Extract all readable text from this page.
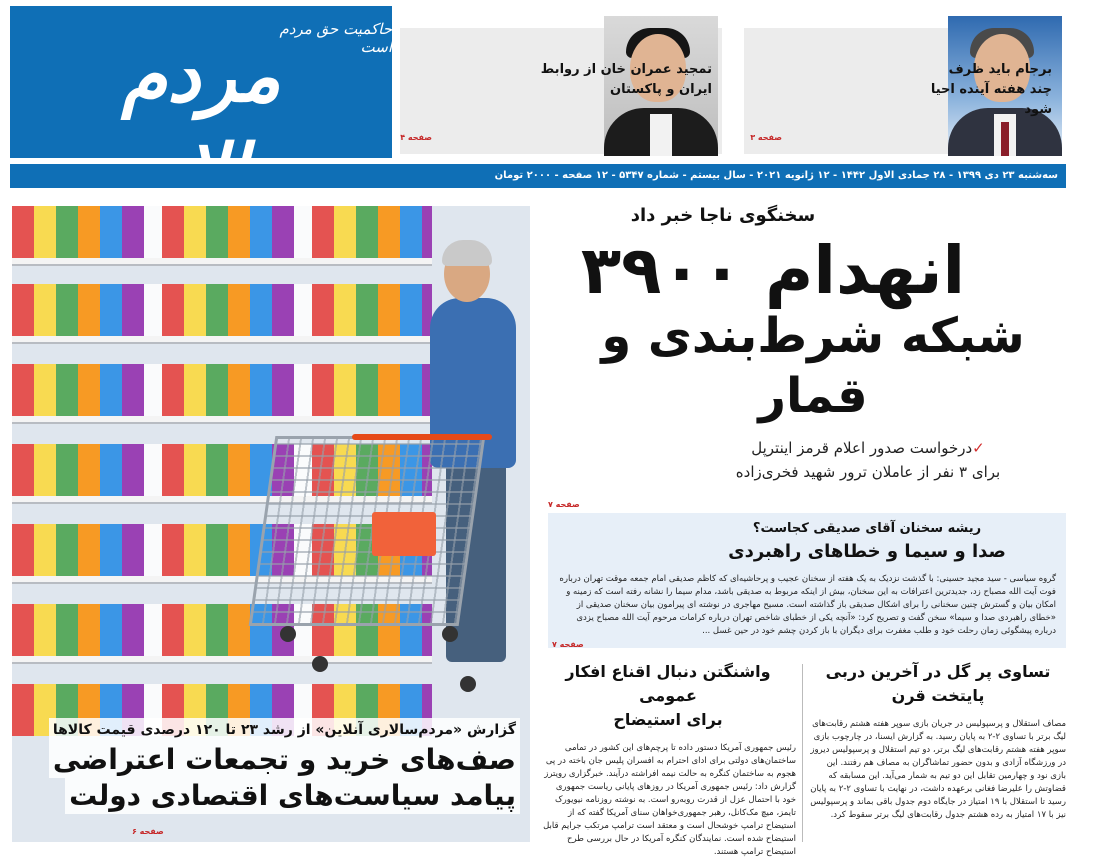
حاکمیت حق مردم است
مردم	برجام باید ظرف چند هفته آینده احیا شود
صفحه ۳
تمجید عمران خان از روابط ایران و پاکستان
صفحه ۴
سه‌شنبه ۲۳ دی ۱۳۹۹ - ۲۸ جمادی الاول ۱۴۴۲ - ۱۲ ژانویه ۲۰۲۱ - سال بیستم - شماره ۵۳۴۷ - ۱۲ صفحه - ۲۰۰۰ تومان
گزارش «مردم‌سالاری آنلاین» از رشد ۲۳ تا ۱۲۰ درصدی قیمت کالاها
صف‌های خرید و تجمعات اعتراضی
پیامد سیاست‌های اقتصادی دولت
صفحه ۶
سخنگوی ناجا خبر داد
انهدام ۳۹۰۰
شبکه شرط‌بندی و قمار
✓درخواست صدور اعلام قرمز اینترپل
برای ۳ نفر از عاملان ترور شهید فخری‌زاده
صفحه ۷
ریشه سخنان آقای صدیقی کجاست؟
صدا و سیما و خطاهای راهبردی
گروه سیاسی - سید مجید حسینی: با گذشت نزدیک به یک هفته از سخنان عجیب و پرحاشیه‌ای که کاظم صدیقی امام جمعه موقت تهران درباره فوت آیت الله مصباح زد، جدیدترین اعترافات به این سخنان، بیش از اینکه مربوط به صدیقی باشد، مدام سیما را نشانه رفته است که زمینه و امکان بیان و گسترش چنین سخنانی را برای اشکال صدیقی باز گذاشته است. مسیح مهاجری در نوشته ای پیرامون بیان سخنان صدیقی از «خطای راهبردی صدا و سیما» سخن گفت و تصریح کرد: «آنچه یکی از خطبای شاخص تهران درباره کرامات مرحوم آیت الله مصباح یزدی درباره پیشگوئی زمان رحلت خود و طلب مغفرت برای دیگران با باز کردن چشم خود در حین غسل ...
صفحه ۷
تساوی پر گل در آخرین دربی
پایتخت قرن
مصاف استقلال و پرسپولیس در جریان بازی سوپر هفته هشتم رقابت‌های لیگ برتر با تساوی ۲-۲ به پایان رسید. به گزارش ایسنا، در چارچوب بازی سوپر هفته هشتم رقابت‌های لیگ برتر، دو تیم استقلال و پرسپولیس دیروز در ورزشگاه آزادی و بدون حضور تماشاگران به مصاف هم رفتند. این بازی نود و چهارمین تقابل این دو تیم به شمار می‌آید. این مسابقه که قضاوتش را علیرضا فغانی برعهده داشت، در نهایت با تساوی ۲-۲ به پایان رسید تا استقلال با ۱۹ امتیاز در جایگاه دوم جدول باقی بماند و پرسپولیس نیز با ۱۷ امتیاز به رده هشتم جدول رقابت‌های لیگ برتر سقوط کرد.
واشنگتن دنبال اقناع افکار عمومی
برای استیضاح
رئیس جمهوری آمریکا دستور داده تا پرچم‌های این کشور در تمامی ساختمان‌های دولتی برای ادای احترام به افسران پلیس جان باخته در پی هجوم به ساختمان کنگره به حالت نیمه افراشته درآیند. خبرگزاری رویترز گزارش داد: رئیس جمهوری آمریکا در روزهای پایانی ریاست جمهوری خود با احتمال عزل از قدرت روبه‌رو است. به نوشته روزنامه نیویورک تایمز، میچ مک‌کانل، رهبر جمهوری‌خواهان سنای آمریکا گفته که از استیضاح ترامپ خوشحال است و معتقد است ترامپ مرتکب جرایم قابل استیضاح شده است. نمایندگان کنگره آمریکا در حال بررسی طرح استیضاح ترامپ هستند.
